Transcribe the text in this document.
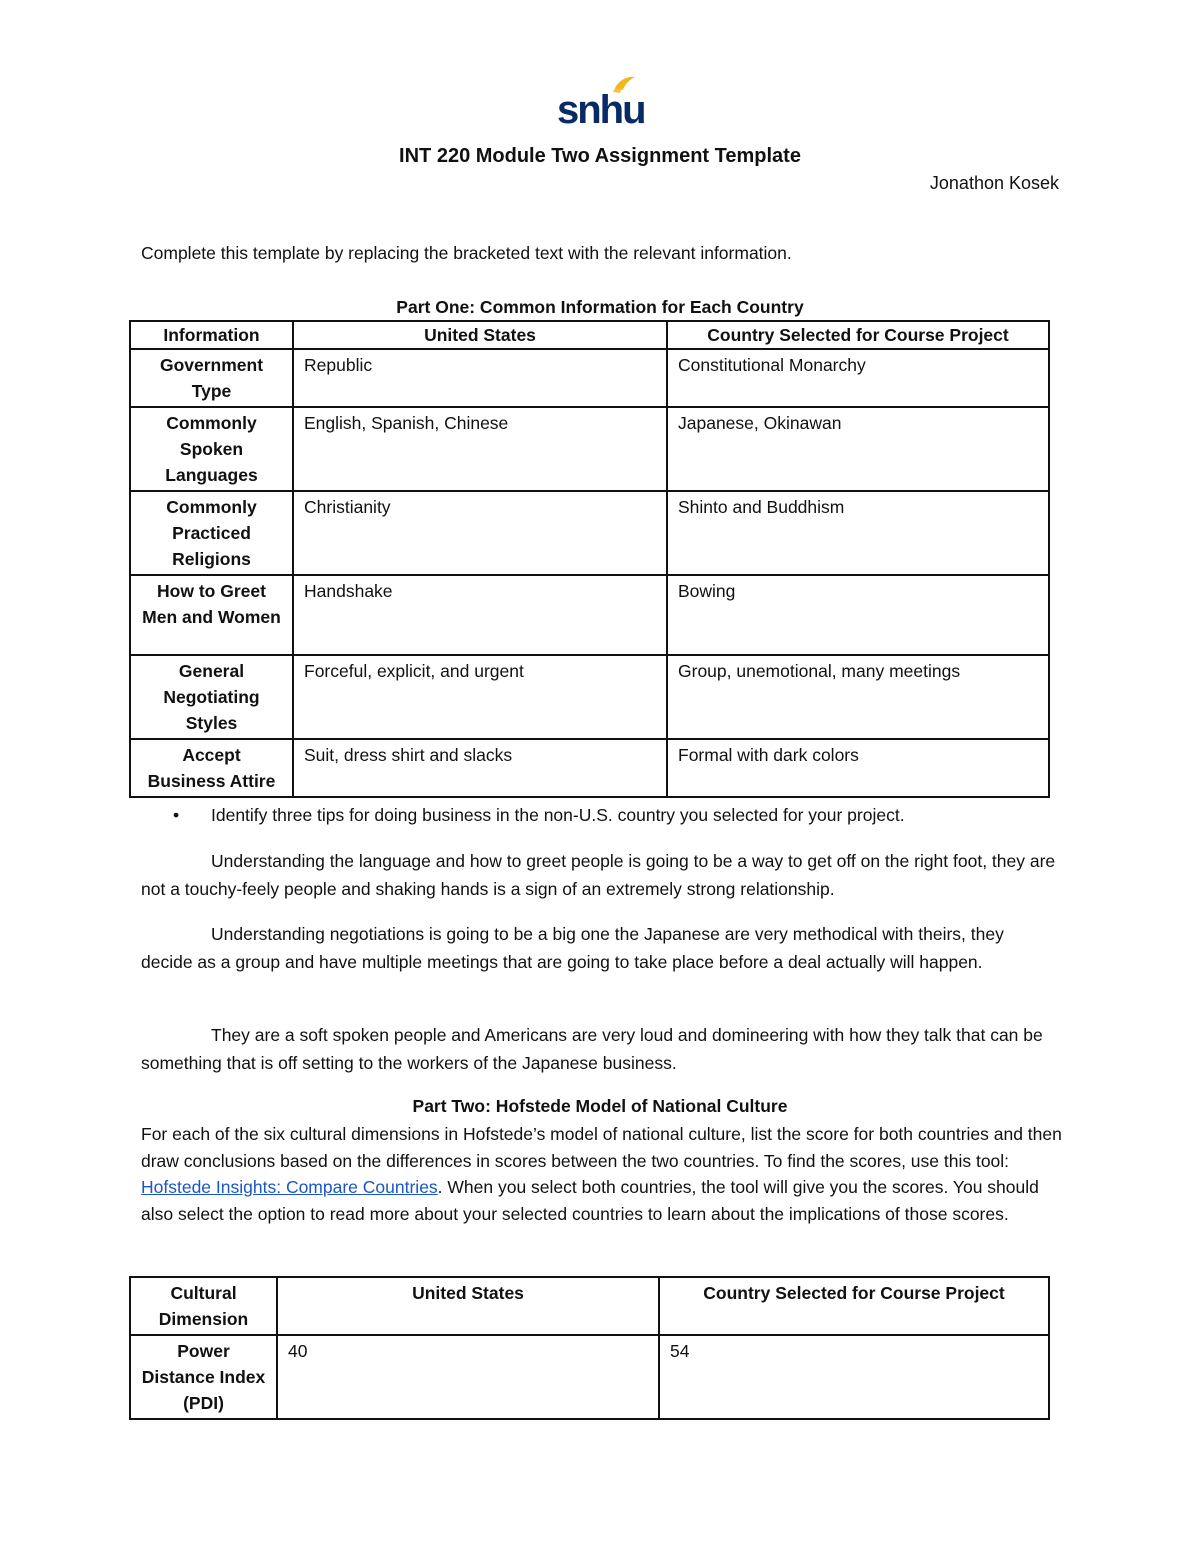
snhu
INT 220 Module Two Assignment Template
Jonathon Kosek
Complete this template by replacing the bracketed text with the relevant information.
Part One: Common Information for Each Country
Information	United States	Country Selected for Course Project
Government Type	Republic	Constitutional Monarchy
Commonly Spoken Languages	English, Spanish, Chinese	Japanese, Okinawan
Commonly Practiced Religions	Christianity	Shinto and Buddhism
How to Greet Men and Women	Handshake	Bowing
General Negotiating Styles	Forceful, explicit, and urgent	Group, unemotional, many meetings
Accept Business Attire	Suit, dress shirt and slacks	Formal with dark colors
• Identify three tips for doing business in the non-U.S. country you selected for your project.

Understanding the language and how to greet people is going to be a way to get off on the right foot, they are not a touchy-feely people and shaking hands is a sign of an extremely strong relationship.

Understanding negotiations is going to be a big one the Japanese are very methodical with theirs, they decide as a group and have multiple meetings that are going to take place before a deal actually will happen.

They are a soft spoken people and Americans are very loud and domineering with how they talk that can be something that is off setting to the workers of the Japanese business.

Part Two: Hofstede Model of National Culture

For each of the six cultural dimensions in Hofstede’s model of national culture, list the score for both countries and then draw conclusions based on the differences in scores between the two countries. To find the scores, use this tool: Hofstede Insights: Compare Countries. When you select both countries, the tool will give you the scores. You should also select the option to read more about your selected countries to learn about the implications of those scores.

Cultural Dimension	United States	Country Selected for Course Project
Power Distance Index (PDI)	40	54
